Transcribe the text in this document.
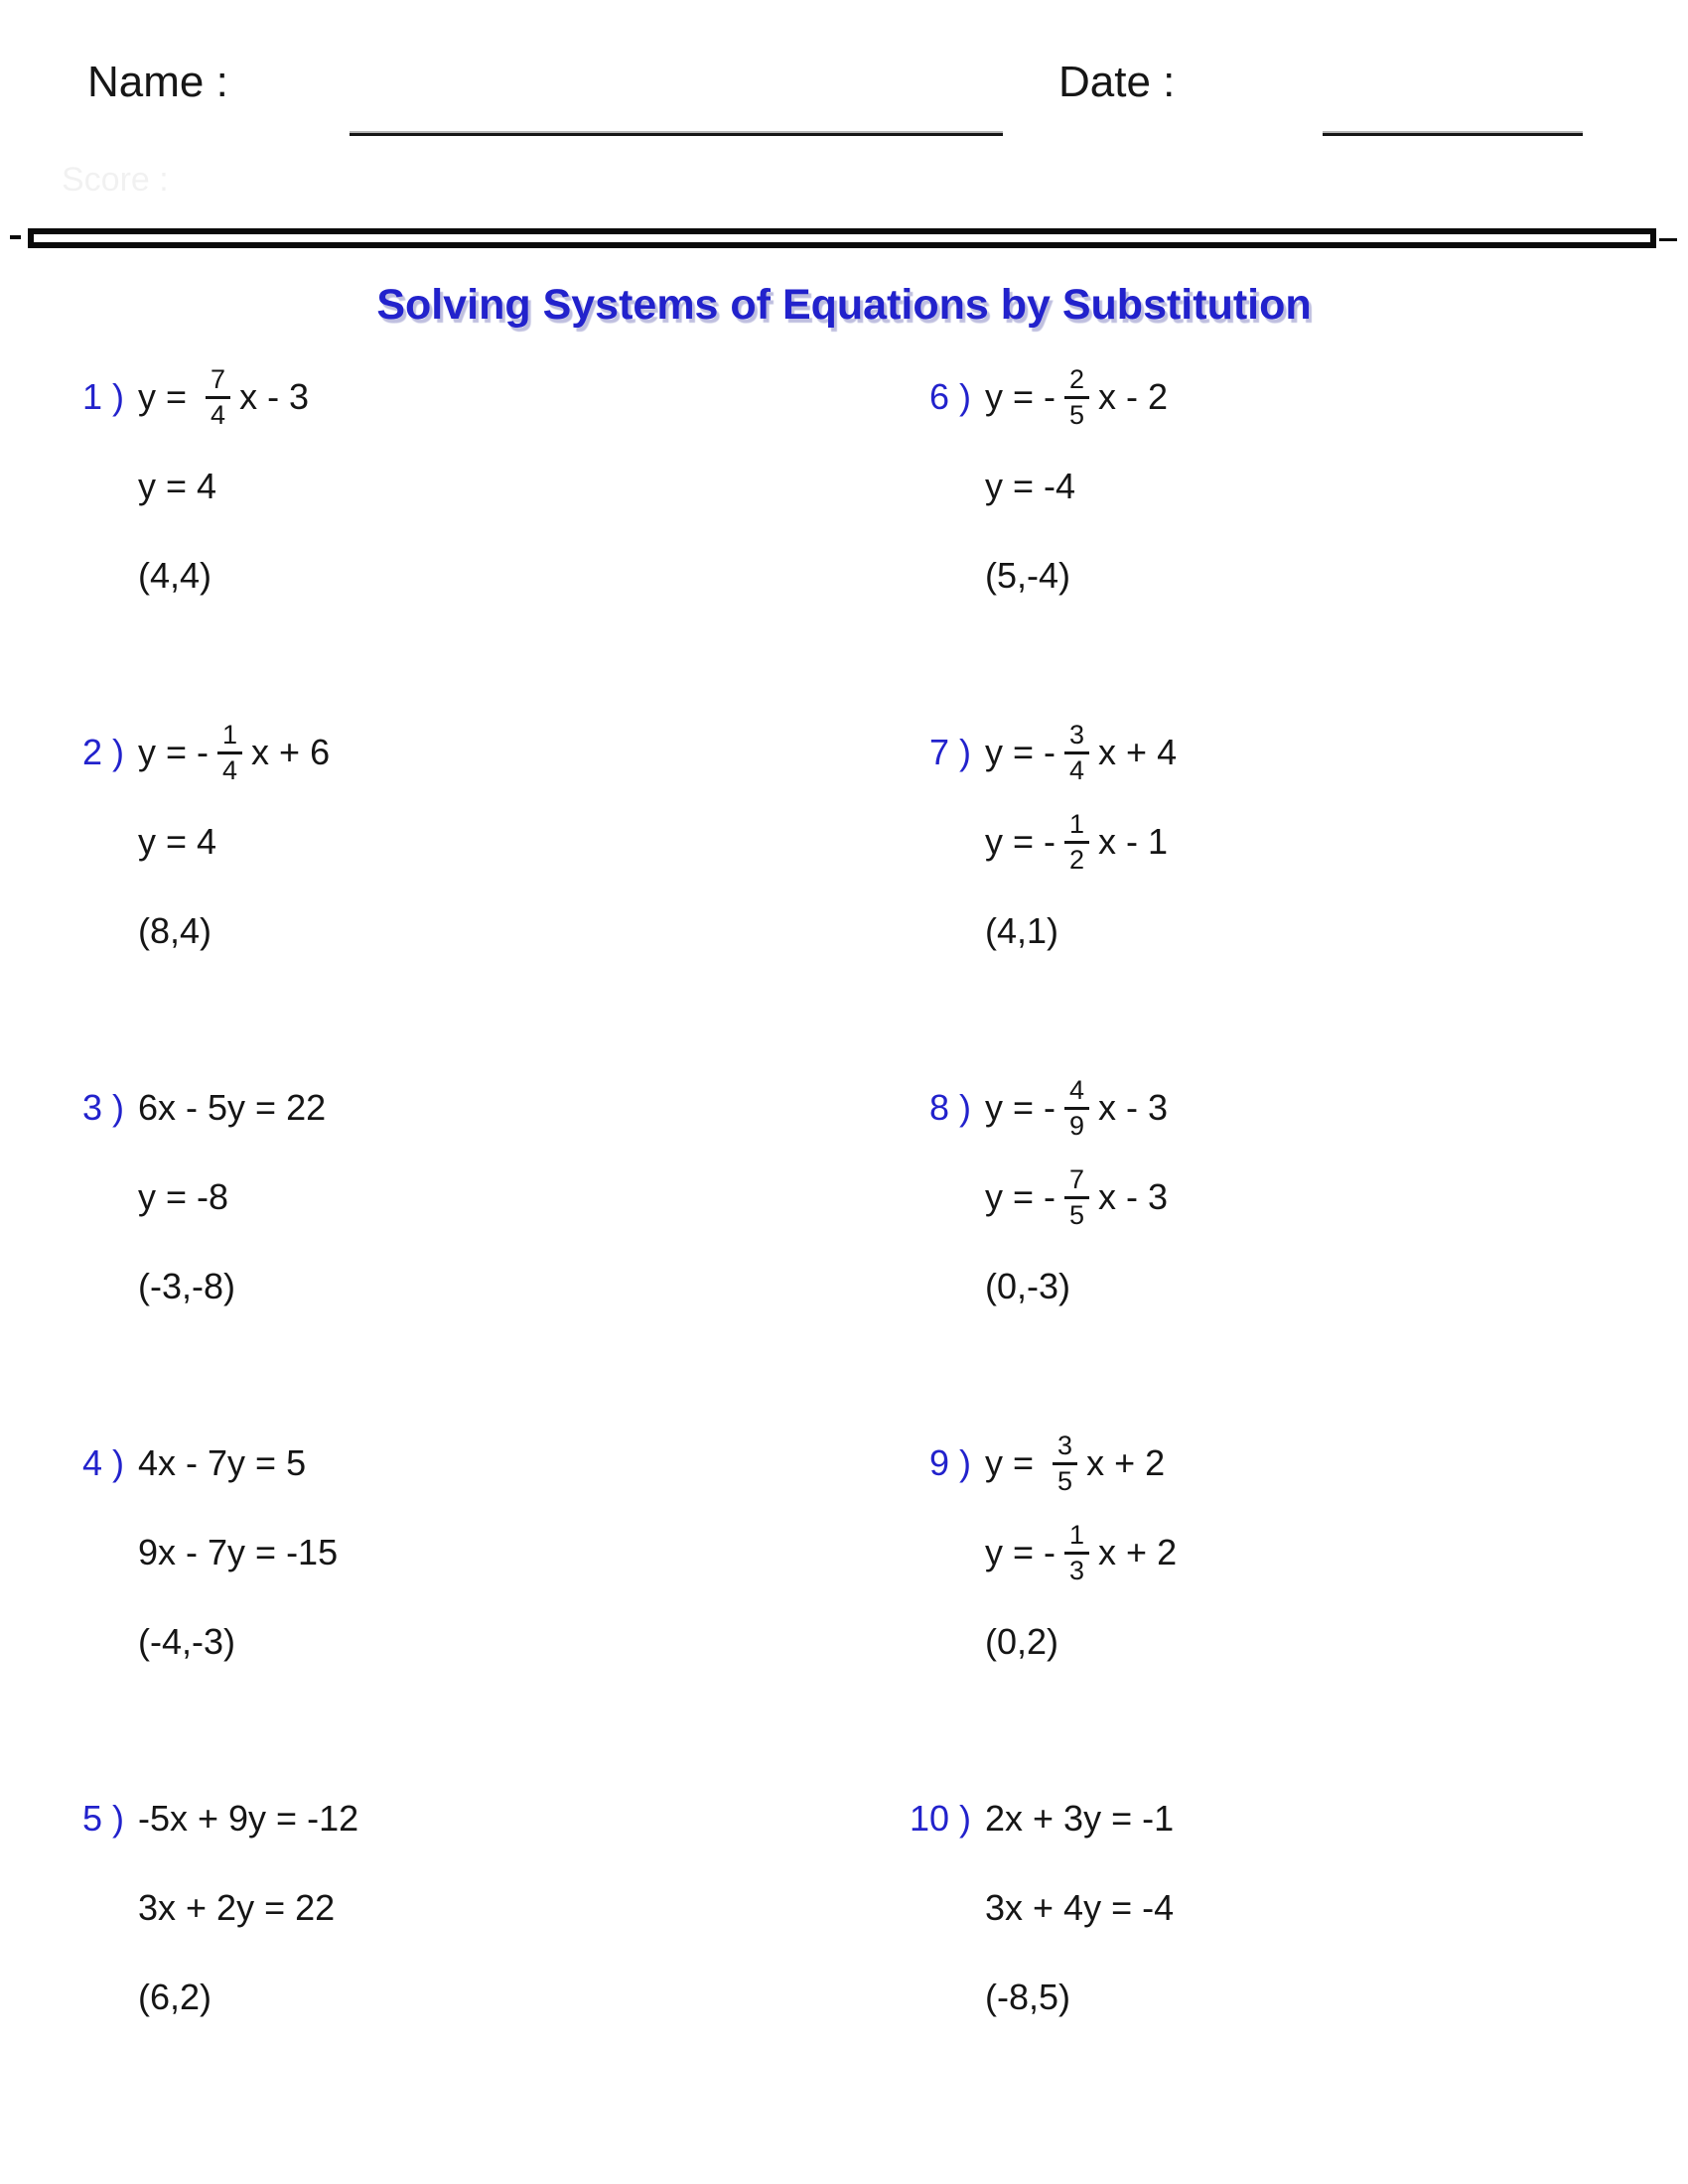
Name :	Date :
Score :
Solving Systems of Equations by Substitution
1 ) $y = \frac{7}{4}$ x - 3
y = 4
(4,4)
2 ) y = - $\frac{1}{4}$ x + 6
y = 4
(8,4)
3 ) 6x - 5y = 22
y = -8
(-3,-8)
4 ) 4x - 7y = 5
9x - 7y = -15
(-4,-3)
5 ) -5x + 9y = -12
3x + 2y = 22
(6,2)
6 ) y = - $\frac{2}{5}$ x - 2
y = -4
(5,-4)
7 ) y = - $\frac{3}{4}$ x + 4
y = - $\frac{1}{2}$ x - 1
(4,1)
8 ) y = - $\frac{4}{9}$ x - 3
y = - $\frac{7}{5}$ x - 3
(0,-3)
9 ) $y = \frac{3}{5}$ x + 2
y = - $\frac{1}{3}$ x + 2
(0,2)
10 ) 2x + 3y = -1
3x + 4y = -4
(-8,5)
